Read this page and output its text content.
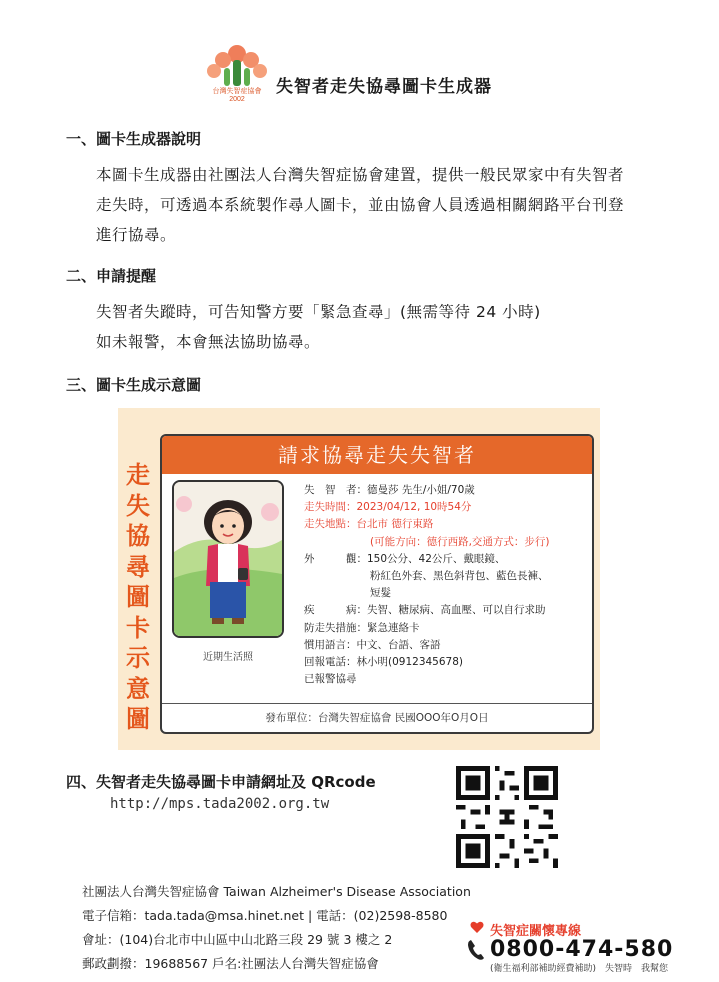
台灣失智症協會
2002
失智者走失協尋圖卡生成器
一、圖卡生成器說明
本圖卡生成器由社團法人台灣失智症協會建置，提供一般民眾家中有失智者
走失時，可透過本系統製作尋人圖卡，並由協會人員透過相關網路平台刊登
進行協尋。
二、申請提醒
失智者失蹤時，可告知警方要「緊急查尋」(無需等待 24 小時)
如未報警，本會無法協助協尋。
三、圖卡生成示意圖
走
失
協
尋
圖
卡
示
意
圖
請求協尋走失失智者
近期生活照
失　智　者： 德曼莎 先生/小姐/70歲
走失時間： 2023/04/12, 10時54分
走失地點： 台北市 德行東路
(可能方向：德行西路,交通方式：步行)
外　　　觀： 150公分、42公斤、戴眼鏡、
粉紅色外套、黑色斜背包、藍色長褲、
短髮
疾　　　病： 失智、糖尿病、高血壓、可以自行求助
防走失措施： 緊急連絡卡
慣用語言： 中文、台語、客語
回報電話： 林小明(0912345678)
已報警協尋
發布單位：台灣失智症協會 民國OOO年O月O日
四、失智者走失協尋圖卡申請網址及 QRcode
http://mps.tada2002.org.tw
社團法人台灣失智症協會 Taiwan Alzheimer's Disease Association
電子信箱：tada.tada@msa.hinet.net | 電話：(02)2598-8580
會址：(104)台北市中山區中山北路三段 29 號 3 樓之 2
郵政劃撥：19688567 戶名:社團法人台灣失智症協會
失智症關懷專線
0800-474-580
(衛生福利部補助經費補助)　失智時　我幫您
